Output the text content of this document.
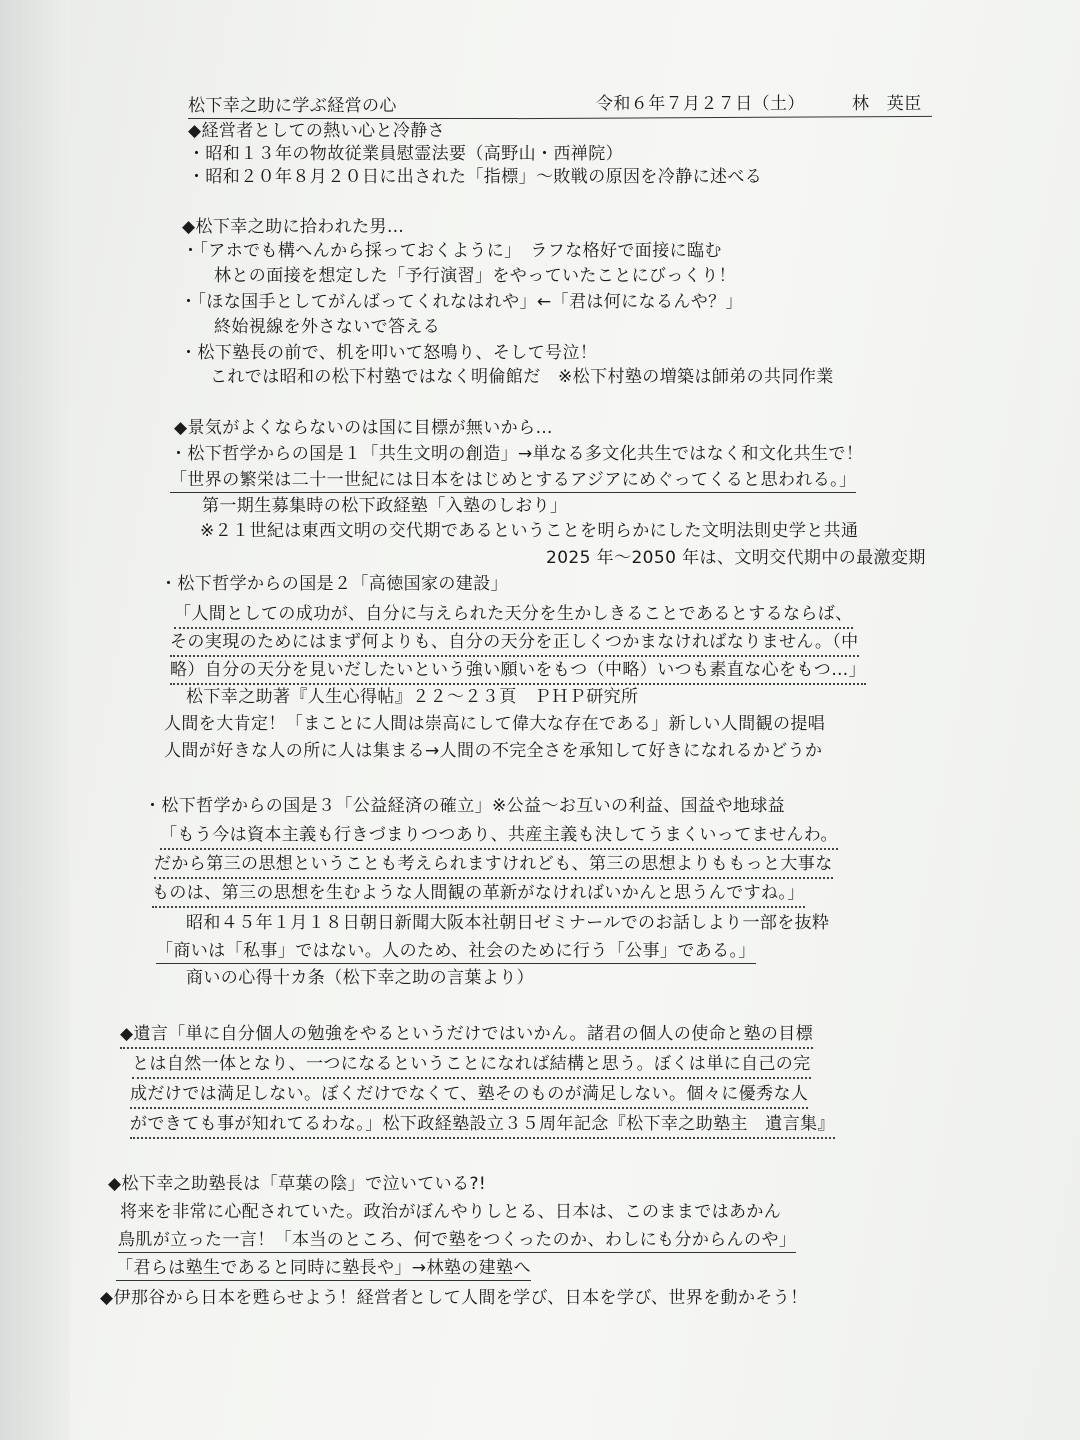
松下幸之助に学ぶ経営の心	令和６年７月２７日（土）	林　英臣
◆経営者としての熱い心と冷静さ
・昭和１３年の物故従業員慰霊法要（高野山・西禅院）
・昭和２０年８月２０日に出された「指標」～敗戦の原因を冷静に述べる
◆松下幸之助に拾われた男…
・「アホでも構へんから採っておくように」　ラフな格好で面接に臨む
林との面接を想定した「予行演習」をやっていたことにびっくり！
・「ほな国手としてがんばってくれなはれや」←「君は何になるんや？」
終始視線を外さないで答える
・松下塾長の前で、机を叩いて怒鳴り、そして号泣！
これでは昭和の松下村塾ではなく明倫館だ　※松下村塾の増築は師弟の共同作業
◆景気がよくならないのは国に目標が無いから…
・松下哲学からの国是１「共生文明の創造」→単なる多文化共生ではなく和文化共生で！
「世界の繁栄は二十一世紀には日本をはじめとするアジアにめぐってくると思われる。」
第一期生募集時の松下政経塾「入塾のしおり」
※２１世紀は東西文明の交代期であるということを明らかにした文明法則史学と共通
2025 年～2050 年は、文明交代期中の最激変期
・松下哲学からの国是２「高徳国家の建設」
「人間としての成功が、自分に与えられた天分を生かしきることであるとするならば、
その実現のためにはまず何よりも、自分の天分を正しくつかまなければなりません。（中
略）自分の天分を見いだしたいという強い願いをもつ（中略）いつも素直な心をもつ…」
松下幸之助著『人生心得帖』２２～２３頁　ＰＨＰ研究所
人間を大肯定！「まことに人間は崇高にして偉大な存在である」新しい人間観の提唱
人間が好きな人の所に人は集まる→人間の不完全さを承知して好きになれるかどうか
・松下哲学からの国是３「公益経済の確立」※公益～お互いの利益、国益や地球益
「もう今は資本主義も行きづまりつつあり、共産主義も決してうまくいってませんわ。
だから第三の思想ということも考えられますけれども、第三の思想よりももっと大事な
ものは、第三の思想を生むような人間観の革新がなければいかんと思うんですね。」
昭和４５年１月１８日朝日新聞大阪本社朝日ゼミナールでのお話しより一部を抜粋
「商いは「私事」ではない。人のため、社会のために行う「公事」である。」
商いの心得十カ条（松下幸之助の言葉より）
◆遺言「単に自分個人の勉強をやるというだけではいかん。諸君の個人の使命と塾の目標
とは自然一体となり、一つになるということになれば結構と思う。ぼくは単に自己の完
成だけでは満足しない。ぼくだけでなくて、塾そのものが満足しない。個々に優秀な人
ができても事が知れてるわな。」松下政経塾設立３５周年記念『松下幸之助塾主　遺言集』
◆松下幸之助塾長は「草葉の陰」で泣いている?!
将来を非常に心配されていた。政治がぼんやりしとる、日本は、このままではあかん
鳥肌が立った一言！「本当のところ、何で塾をつくったのか、わしにも分からんのや」
「君らは塾生であると同時に塾長や」→林塾の建塾へ
◆伊那谷から日本を甦らせよう！経営者として人間を学び、日本を学び、世界を動かそう！
